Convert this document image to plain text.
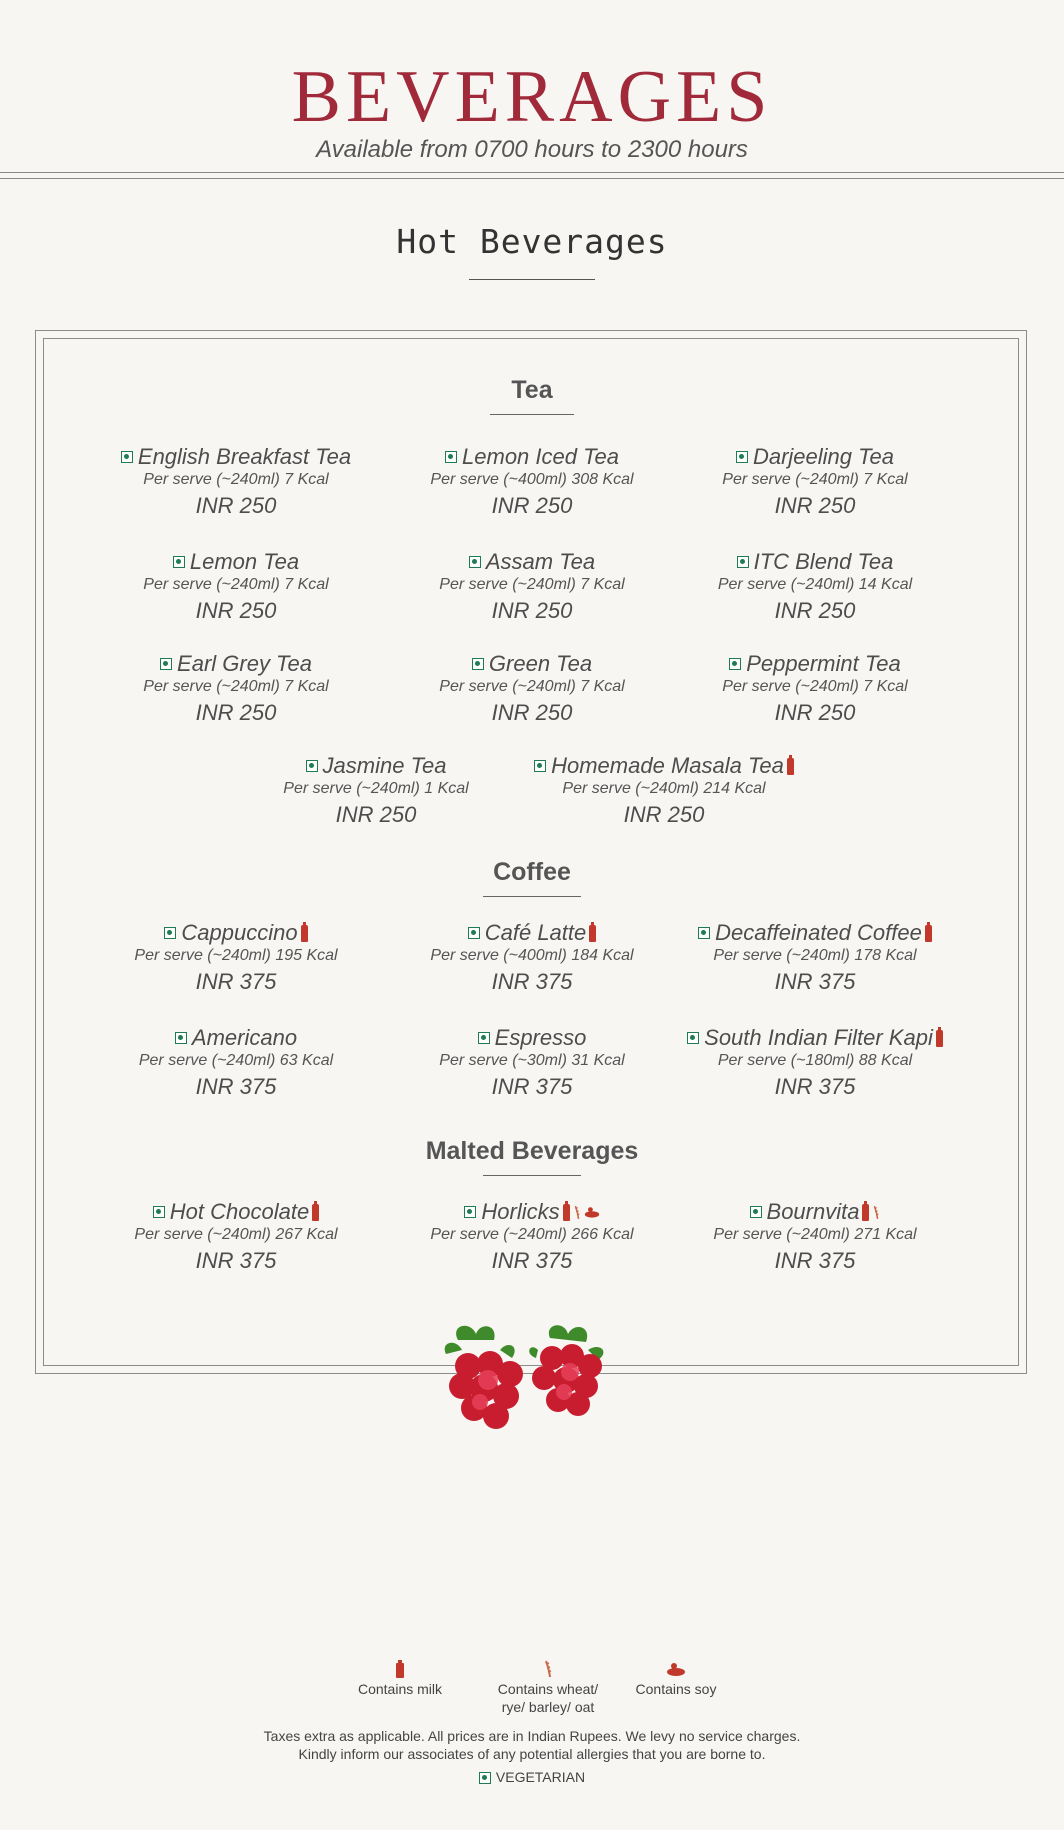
BEVERAGES
Available from 0700 hours to 2300 hours
Hot Beverages
Tea
Coffee
Malted Beverages
English Breakfast Tea
Per serve (~240ml) 7 Kcal
INR 250
Lemon Iced Tea
Per serve (~400ml) 308 Kcal
INR 250
Darjeeling Tea
Per serve (~240ml) 7 Kcal
INR 250
Lemon Tea
Per serve (~240ml) 7 Kcal
INR 250
Assam Tea
Per serve (~240ml) 7 Kcal
INR 250
ITC Blend Tea
Per serve (~240ml) 14 Kcal
INR 250
Earl Grey Tea
Per serve (~240ml) 7 Kcal
INR 250
Green Tea
Per serve (~240ml) 7 Kcal
INR 250
Peppermint Tea
Per serve (~240ml) 7 Kcal
INR 250
Jasmine Tea
Per serve (~240ml) 1 Kcal
INR 250
Homemade Masala Tea
Per serve (~240ml) 214 Kcal
INR 250
Cappuccino
Per serve (~240ml) 195 Kcal
INR 375
Café Latte
Per serve (~400ml) 184 Kcal
INR 375
Decaffeinated Coffee
Per serve (~240ml) 178 Kcal
INR 375
Americano
Per serve (~240ml) 63 Kcal
INR 375
Espresso
Per serve (~30ml) 31 Kcal
INR 375
South Indian Filter Kapi
Per serve (~180ml) 88 Kcal
INR 375
Hot Chocolate
Per serve (~240ml) 267 Kcal
INR 375
Horlicks
Per serve (~240ml) 266 Kcal
INR 375
Bournvita
Per serve (~240ml) 271 Kcal
INR 375
Contains milk	Contains wheat/
rye/ barley/ oat
Contains soy
Taxes extra as applicable. All prices are in Indian Rupees. We levy no service charges.
Kindly inform our associates of any potential allergies that you are borne to.
VEGETARIAN
